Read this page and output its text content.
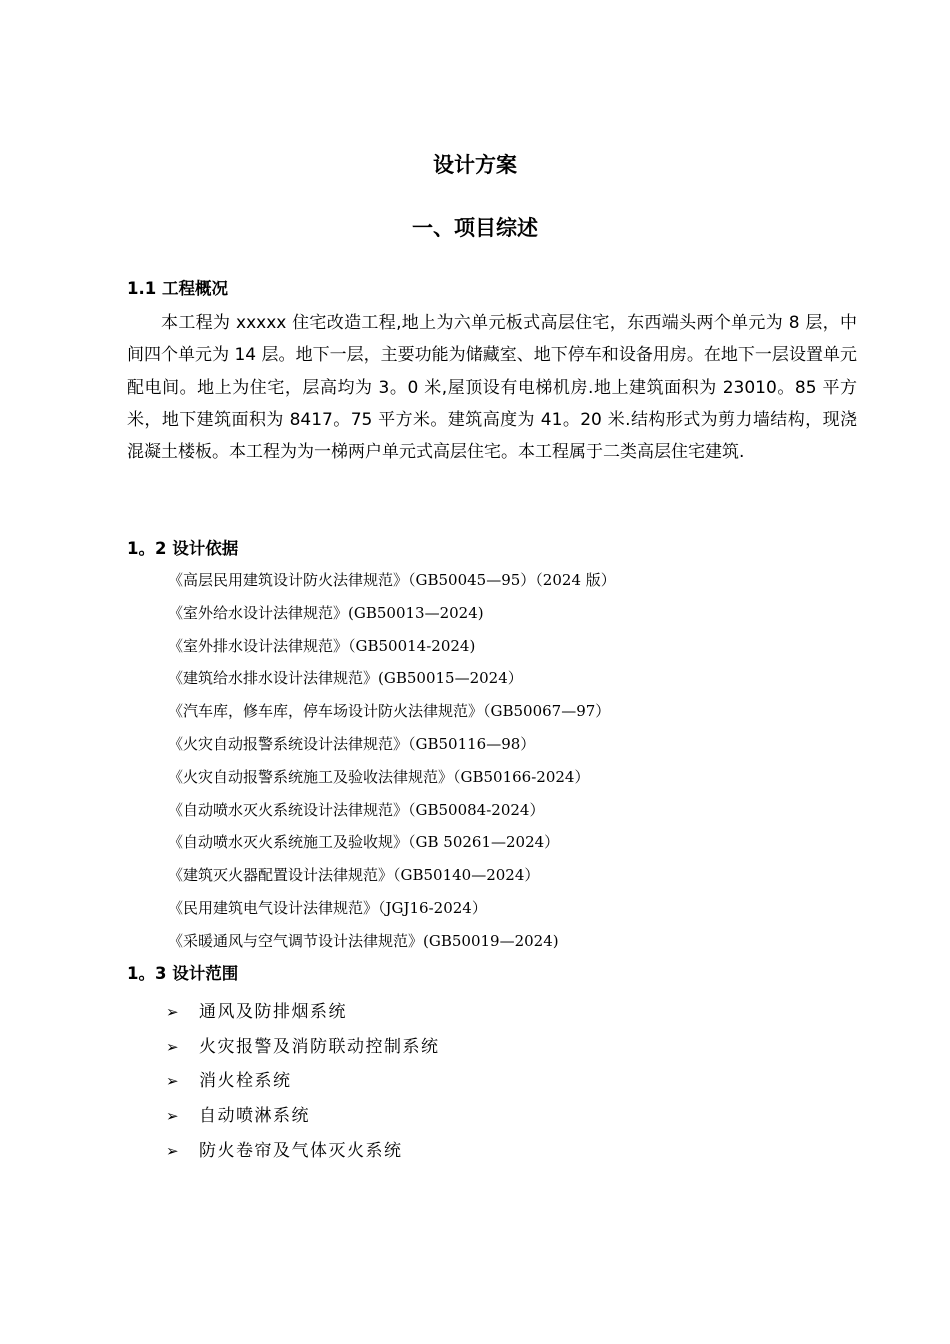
设计方案
一、项目综述
1.1 工程概况

本工程为 xxxxx 住宅改造工程,地上为六单元板式高层住宅，东西端头两个单元为 8 层，中间四个单元为 14 层。地下一层，主要功能为储藏室、地下停车和设备用房。在地下一层设置单元配电间。地上为住宅，层高均为 3。0 米,屋顶设有电梯机房.地上建筑面积为 23010。85 平方米，地下建筑面积为 8417。75 平方米。建筑高度为 41。20 米.结构形式为剪力墙结构，现浇混凝土楼板。本工程为为一梯两户单元式高层住宅。本工程属于二类高层住宅建筑.

1。2 设计依据
《高层民用建筑设计防火法律规范》（GB50045—95）（2024 版）
《室外给水设计法律规范》(GB50013—2024)
《室外排水设计法律规范》（GB50014-2024)
《建筑给水排水设计法律规范》(GB50015—2024）
《汽车库，修车库，停车场设计防火法律规范》（GB50067—97）
《火灾自动报警系统设计法律规范》（GB50116—98）
《火灾自动报警系统施工及验收法律规范》（GB50166-2024）
《自动喷水灭火系统设计法律规范》（GB50084-2024）
《自动喷水灭火系统施工及验收规》（GB 50261—2024）
《建筑灭火器配置设计法律规范》（GB50140—2024）
《民用建筑电气设计法律规范》（JGJ16-2024）
《采暖通风与空气调节设计法律规范》(GB50019—2024)
1。3 设计范围
➢	通风及防排烟系统
➢	火灾报警及消防联动控制系统
➢	消火栓系统
➢	自动喷淋系统
➢	防火卷帘及气体灭火系统
